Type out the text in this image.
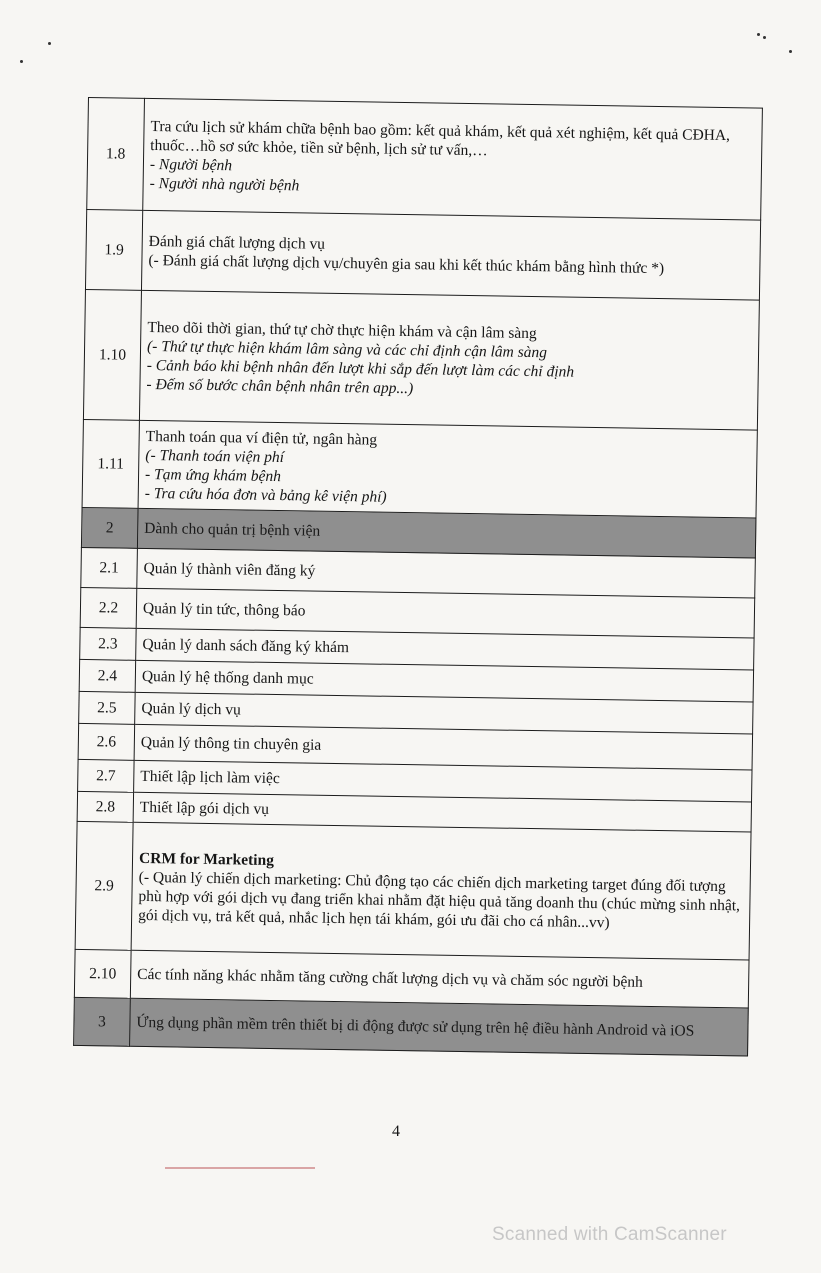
1.8	Tra cứu lịch sử khám chữa bệnh bao gồm: kết quả khám, kết quả xét nghiệm, kết quả CĐHA, thuốc…hồ sơ sức khỏe, tiền sử bệnh, lịch sử tư vấn,…
- Người bệnh
- Người nhà người bệnh

1.9	Đánh giá chất lượng dịch vụ
(- Đánh giá chất lượng dịch vụ/chuyên gia sau khi kết thúc khám bằng hình thức *)

1.10	Theo dõi thời gian, thứ tự chờ thực hiện khám và cận lâm sàng
(- Thứ tự thực hiện khám lâm sàng và các chỉ định cận lâm sàng
- Cảnh báo khi bệnh nhân đến lượt khi sắp đến lượt làm các chỉ định
- Đếm số bước chân bệnh nhân trên app...)

1.11	Thanh toán qua ví điện tử, ngân hàng
(- Thanh toán viện phí
- Tạm ứng khám bệnh
- Tra cứu hóa đơn và bảng kê viện phí)

2	Dành cho quản trị bệnh viện

2.1	Quản lý thành viên đăng ký

2.2	Quản lý tin tức, thông báo

2.3	Quản lý danh sách đăng ký khám

2.4	Quản lý hệ thống danh mục

2.5	Quản lý dịch vụ

2.6	Quản lý thông tin chuyên gia

2.7	Thiết lập lịch làm việc

2.8	Thiết lập gói dịch vụ

2.9	CRM for Marketing
(- Quản lý chiến dịch marketing: Chủ động tạo các chiến dịch marketing target đúng đối tượng phù hợp với gói dịch vụ đang triển khai nhằm đặt hiệu quả tăng doanh thu (chúc mừng sinh nhật, gói dịch vụ, trả kết quả, nhắc lịch hẹn tái khám, gói ưu đãi cho cá nhân...vv)

2.10	Các tính năng khác nhằm tăng cường chất lượng dịch vụ và chăm sóc người bệnh

3	Ứng dụng phần mềm trên thiết bị di động được sử dụng trên hệ điều hành Android và iOS
4
Scanned with CamScanner
